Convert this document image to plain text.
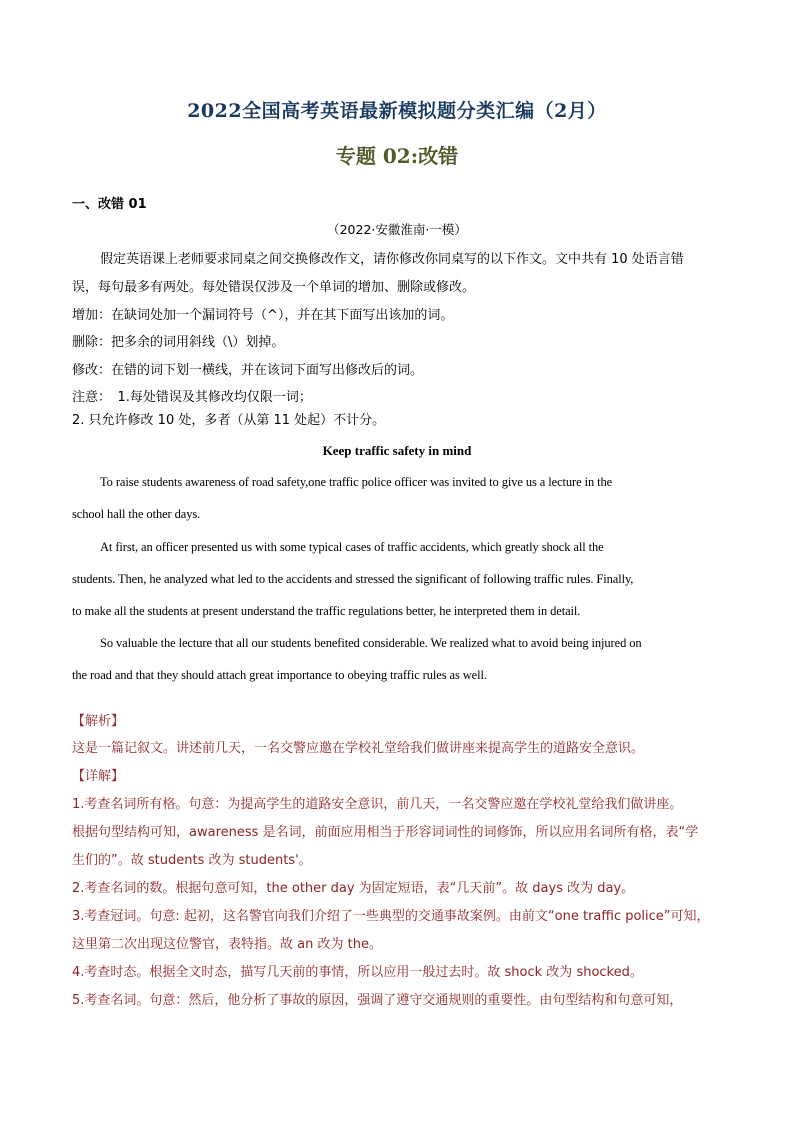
2022全国高考英语最新模拟题分类汇编（2月）
专题 02:改错
一、改错 01
（2022·安徽淮南·一模）
假定英语课上老师要求同桌之间交换修改作文，请你修改你同桌写的以下作文。文中共有 10 处语言错
误，每句最多有两处。每处错误仅涉及一个单词的增加、删除或修改。
增加：在缺词处加一个漏词符号（^），并在其下面写出该加的词。
删除：把多余的词用斜线（\）划掉。
修改：在错的词下划一横线，并在该词下面写出修改后的词。
注意：　1.每处错误及其修改均仅限一词；
2. 只允许修改 10 处，多者（从第 11 处起）不计分。
Keep traffic safety in mind
To raise students awareness of road safety,one traffic police officer was invited to give us a lecture in the
school hall the other days.
At first, an officer presented us with some typical cases of traffic accidents, which greatly shock all the
students. Then, he analyzed what led to the accidents and stressed the significant of following traffic rules. Finally,
to make all the students at present understand the traffic regulations better, he interpreted them in detail.
So valuable the lecture that all our students benefited considerable. We realized what to avoid being injured on
the road and that they should attach great importance to obeying traffic rules as well.
【解析】
这是一篇记叙文。讲述前几天，一名交警应邀在学校礼堂给我们做讲座来提高学生的道路安全意识。
【详解】
1.考查名词所有格。句意：为提高学生的道路安全意识，前几天，一名交警应邀在学校礼堂给我们做讲座。
根据句型结构可知，awareness 是名词，前面应用相当于形容词词性的词修饰，所以应用名词所有格，表“学
生们的”。故 students 改为 students'。
2.考查名词的数。根据句意可知，the other day 为固定短语，表“几天前”。故 days 改为 day。
3.考查冠词。句意: 起初，这名警官向我们介绍了一些典型的交通事故案例。由前文“one traffic police”可知，
这里第二次出现这位警官，表特指。故 an 改为 the。
4.考查时态。根据全文时态，描写几天前的事情，所以应用一般过去时。故 shock 改为 shocked。
5.考查名词。句意：然后，他分析了事故的原因，强调了遵守交通规则的重要性。由句型结构和句意可知，
